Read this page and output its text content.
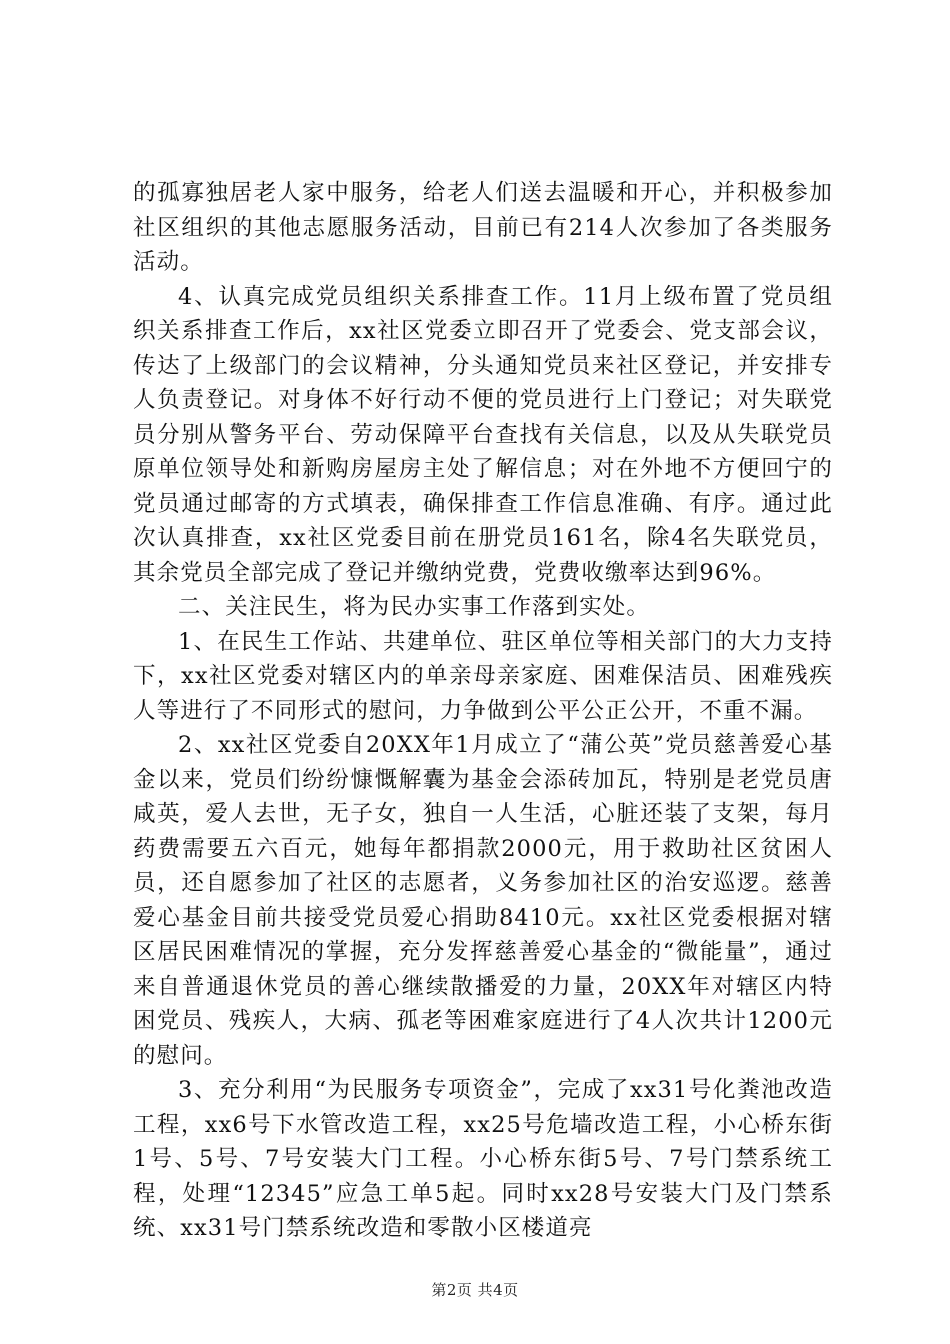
的孤寡独居老人家中服务，给老人们送去温暖和开心，并积极参加社区组织的其他志愿服务活动，目前已有214人次参加了各类服务活动。

4、认真完成党员组织关系排查工作。11月上级布置了党员组织关系排查工作后，xx社区党委立即召开了党委会、党支部会议，传达了上级部门的会议精神，分头通知党员来社区登记，并安排专人负责登记。对身体不好行动不便的党员进行上门登记；对失联党员分别从警务平台、劳动保障平台查找有关信息，以及从失联党员原单位领导处和新购房屋房主处了解信息；对在外地不方便回宁的党员通过邮寄的方式填表，确保排查工作信息准确、有序。通过此次认真排查，xx社区党委目前在册党员161名，除4名失联党员，其余党员全部完成了登记并缴纳党费，党费收缴率达到96%。

二、关注民生，将为民办实事工作落到实处。

1、在民生工作站、共建单位、驻区单位等相关部门的大力支持下，xx社区党委对辖区内的单亲母亲家庭、困难保洁员、困难残疾人等进行了不同形式的慰问，力争做到公平公正公开，不重不漏。

2、xx社区党委自20XX年1月成立了“蒲公英”党员慈善爱心基金以来，党员们纷纷慷慨解囊为基金会添砖加瓦，特别是老党员唐咸英，爱人去世，无子女，独自一人生活，心脏还装了支架，每月药费需要五六百元，她每年都捐款2000元，用于救助社区贫困人员，还自愿参加了社区的志愿者，义务参加社区的治安巡逻。慈善爱心基金目前共接受党员爱心捐助8410元。xx社区党委根据对辖区居民困难情况的掌握，充分发挥慈善爱心基金的“微能量”，通过来自普通退休党员的善心继续散播爱的力量，20XX年对辖区内特困党员、残疾人，大病、孤老等困难家庭进行了4人次共计1200元的慰问。

3、充分利用“为民服务专项资金”，完成了xx31号化粪池改造工程，xx6号下水管改造工程，xx25号危墙改造工程，小心桥东街1号、5号、7号安装大门工程。小心桥东街5号、7号门禁系统工程，处理“12345”应急工单5起。同时xx28号安装大门及门禁系统、xx31号门禁系统改造和零散小区楼道亮

第2页 共4页
